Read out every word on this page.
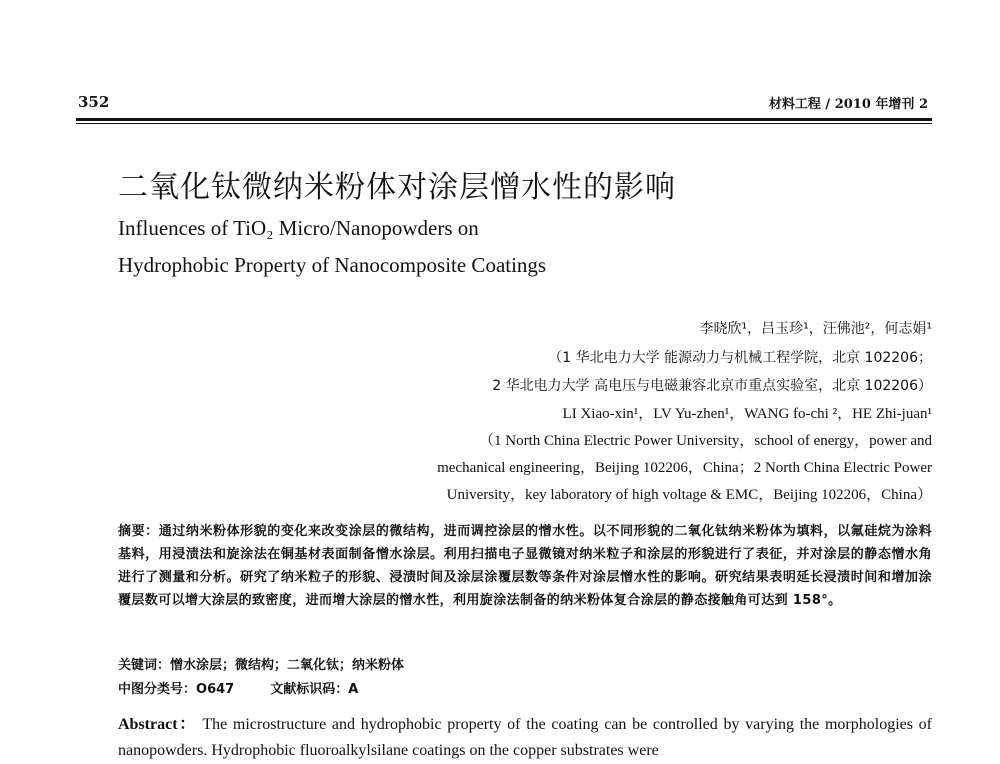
352	材料工程 / 2010 年增刊 2
二氧化钛微纳米粉体对涂层憎水性的影响
Influences of TiO₂ Micro/Nanopowders on
Hydrophobic Property of Nanocomposite Coatings
李晓欣¹，吕玉珍¹，汪佛池²，何志娟¹
（1 华北电力大学 能源动力与机械工程学院，北京 102206；
2 华北电力大学 高电压与电磁兼容北京市重点实验室，北京 102206）
LI Xiao-xin¹，LV Yu-zhen¹，WANG fo-chi ²，HE Zhi-juan¹
（1 North China Electric Power University，school of energy，power and
mechanical engineering，Beijing 102206，China；2 North China Electric Power
University，key laboratory of high voltage & EMC，Beijing 102206，China）
摘要：通过纳米粉体形貌的变化来改变涂层的微结构，进而调控涂层的憎水性。以不同形貌的二氧化钛纳米粉体为填料，以氟硅烷为涂料基料，用浸渍法和旋涂法在铜基材表面制备憎水涂层。利用扫描电子显微镜对纳米粒子和涂层的形貌进行了表征，并对涂层的静态憎水角进行了测量和分析。研究了纳米粒子的形貌、浸渍时间及涂层涂覆层数等条件对涂层憎水性的影响。研究结果表明延长浸渍时间和增加涂覆层数可以增大涂层的致密度，进而增大涂层的憎水性，利用旋涂法制备的纳米粉体复合涂层的静态接触角可达到 158°。
关键词：憎水涂层；微结构；二氧化钛；纳米粉体
中图分类号：O647	文献标识码：A
Abstract： The microstructure and hydrophobic property of the coating can be controlled by varying the morphologies of nanopowders. Hydrophobic fluoroalkylsilane coatings on the copper substrates were
